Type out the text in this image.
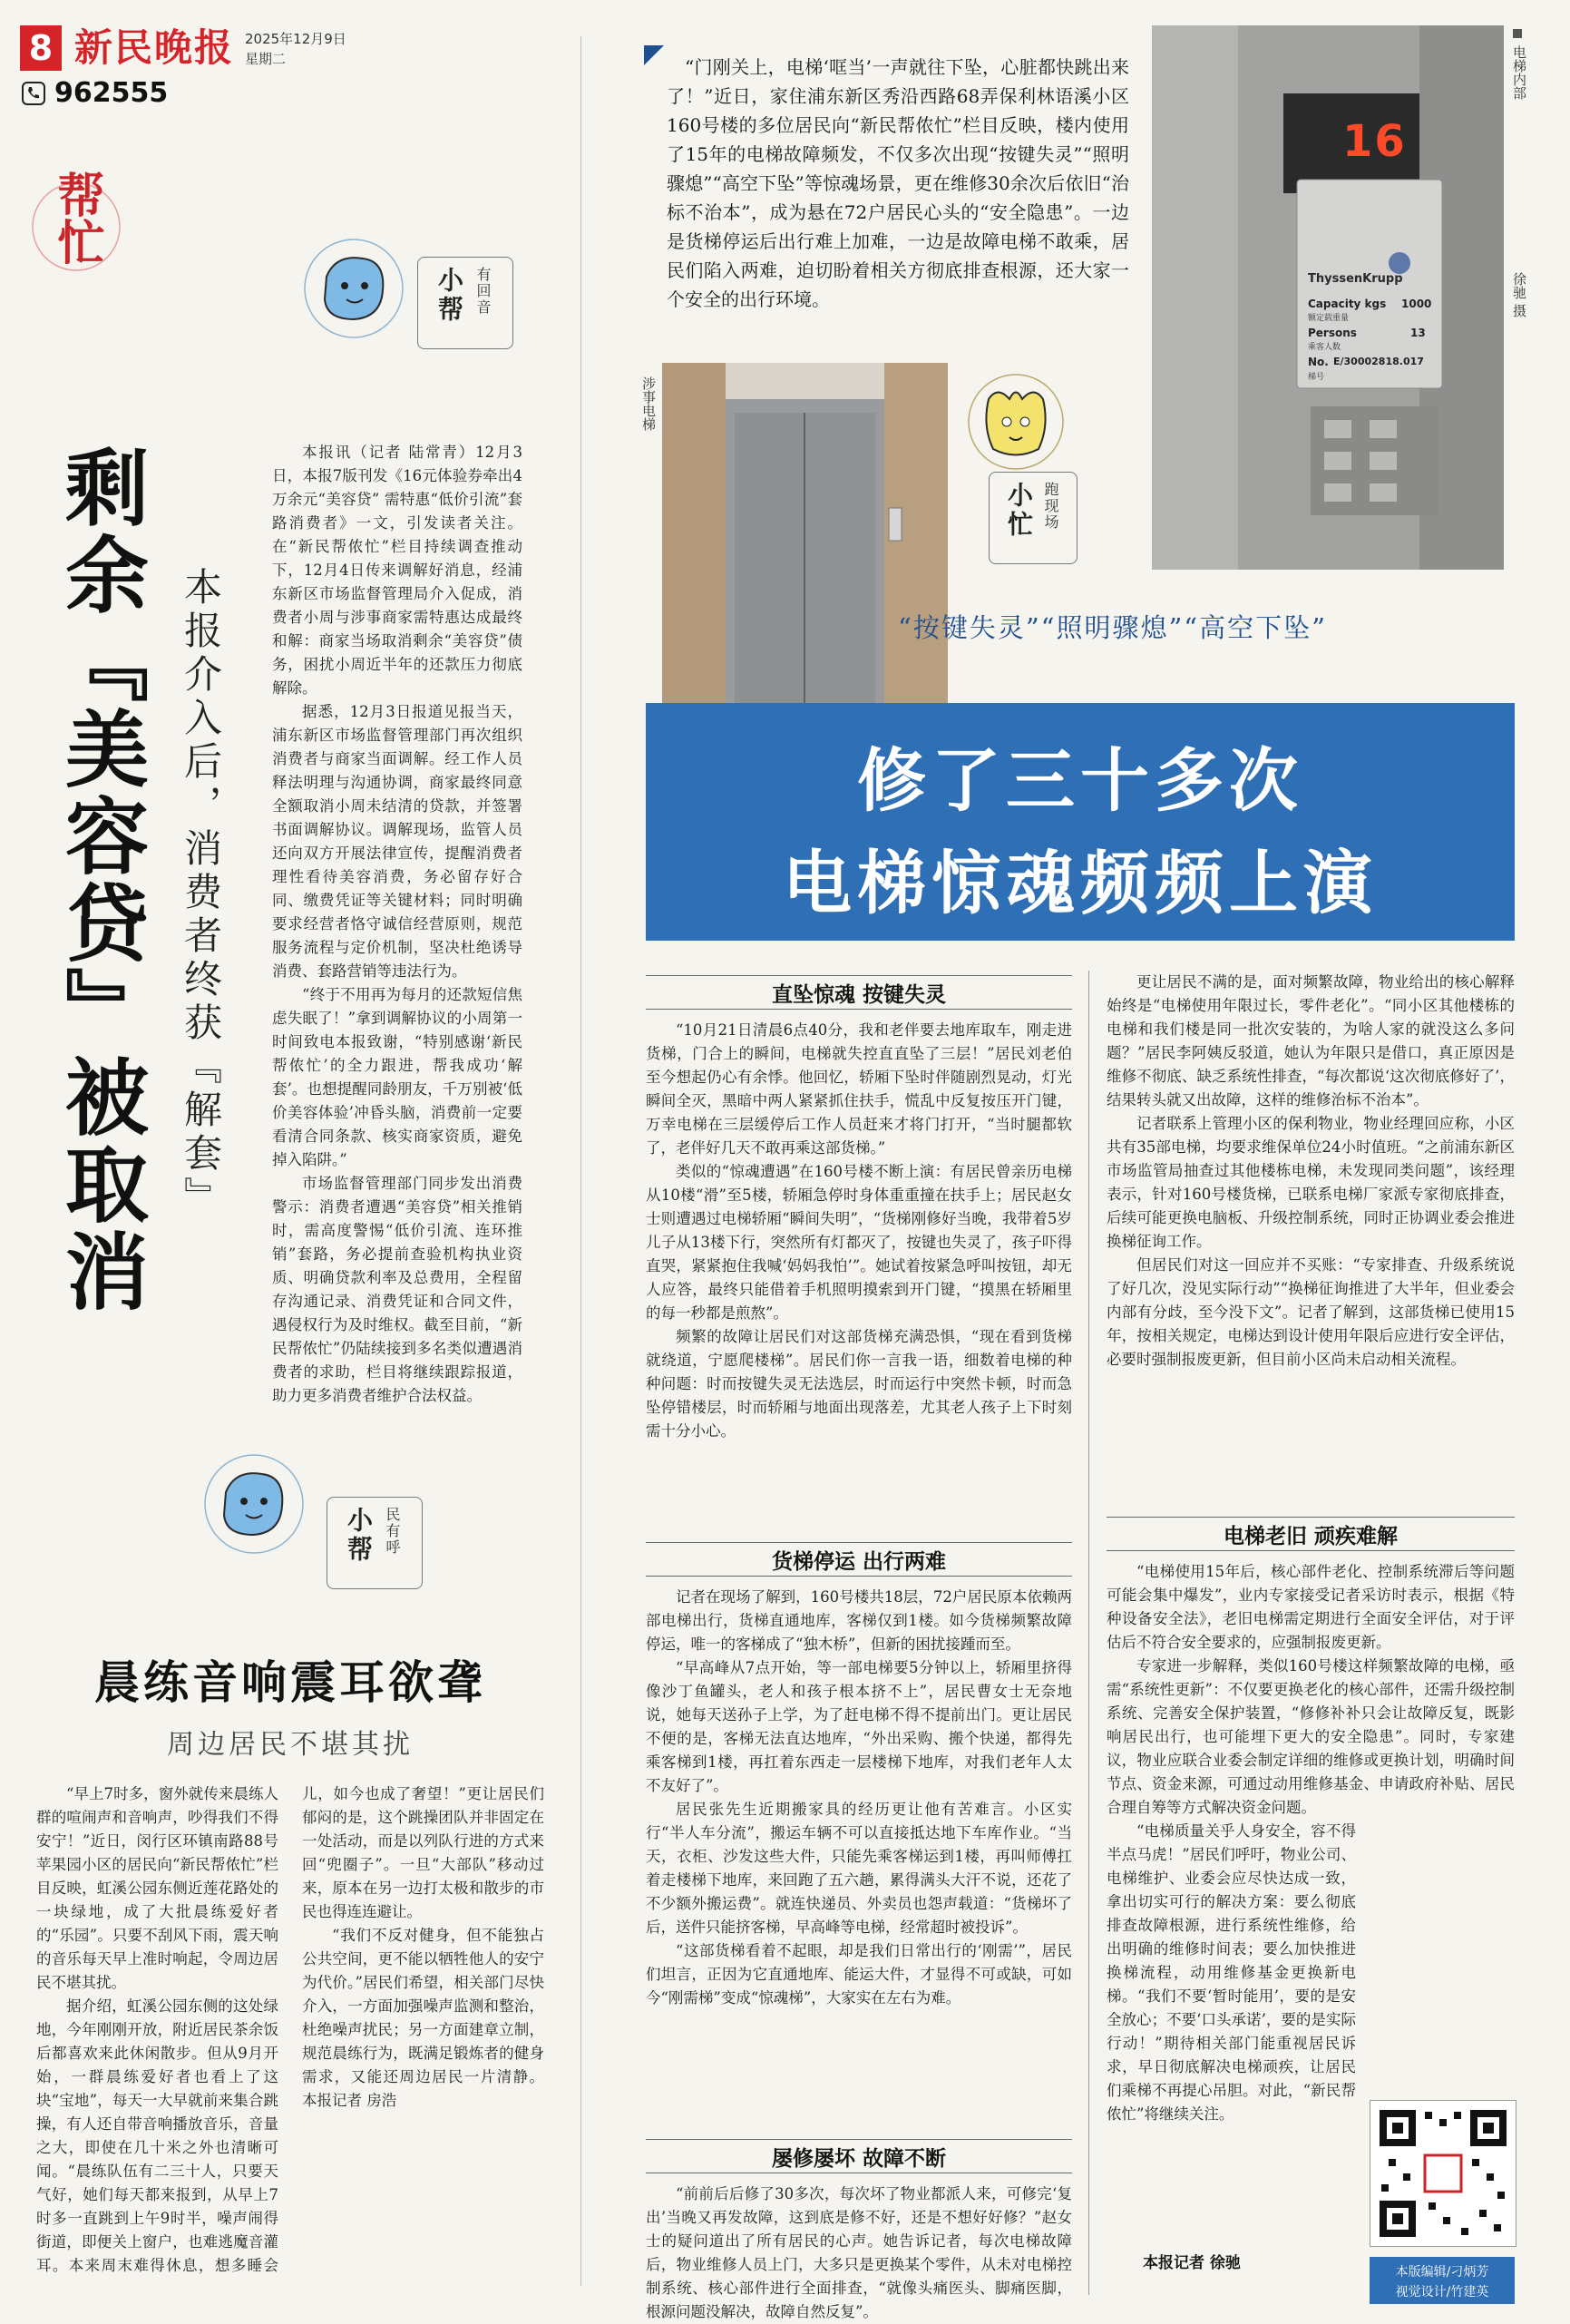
8 新民晚报 2025年12月9日
星期二
962555
帮忙
小帮 有回音
剩余『美容贷』被取消 本报介入后，消费者终获『解套』

本报讯（记者 陆常青）12月3日，本报7版刊发《16元体验券牵出4万余元“美容贷” 需特惠“低价引流”套路消费者》一文，引发读者关注。在“新民帮侬忙”栏目持续调查推动下，12月4日传来调解好消息，经浦东新区市场监督管理局介入促成，消费者小周与涉事商家需特惠达成最终和解：商家当场取消剩余“美容贷”债务，困扰小周近半年的还款压力彻底解除。

据悉，12月3日报道见报当天，浦东新区市场监督管理部门再次组织消费者与商家当面调解。经工作人员释法明理与沟通协调，商家最终同意全额取消小周未结清的贷款，并签署书面调解协议。调解现场，监管人员还向双方开展法律宣传，提醒消费者理性看待美容消费，务必留存好合同、缴费凭证等关键材料；同时明确要求经营者恪守诚信经营原则，规范服务流程与定价机制，坚决杜绝诱导消费、套路营销等违法行为。

“终于不用再为每月的还款短信焦虑失眠了！”拿到调解协议的小周第一时间致电本报致谢，“特别感谢‘新民帮侬忙’的全力跟进，帮我成功‘解套’。也想提醒同龄朋友，千万别被‘低价美容体验’冲昏头脑，消费前一定要看清合同条款、核实商家资质，避免掉入陷阱。”

市场监督管理部门同步发出消费警示：消费者遭遇“美容贷”相关推销时，需高度警惕“低价引流、连环推销”套路，务必提前查验机构执业资质、明确贷款利率及总费用，全程留存沟通记录、消费凭证和合同文件，遇侵权行为及时维权。截至目前，“新民帮侬忙”仍陆续接到多名类似遭遇消费者的求助，栏目将继续跟踪报道，助力更多消费者维护合法权益。

小帮 民有呼
晨练音响震耳欲聋
周边居民不堪其扰

“早上7时多，窗外就传来晨练人群的喧闹声和音响声，吵得我们不得安宁！”近日，闵行区环镇南路88号苹果园小区的居民向“新民帮侬忙”栏目反映，虹溪公园东侧近莲花路处的一块绿地，成了大批晨练爱好者的“乐园”。只要不刮风下雨，震天响的音乐每天早上准时响起，令周边居民不堪其扰。

据介绍，虹溪公园东侧的这处绿地，今年刚刚开放，附近居民茶余饭后都喜欢来此休闲散步。但从9月开始，一群晨练爱好者也看上了这块“宝地”，每天一大早就前来集合跳操，有人还自带音响播放音乐，音量之大，即使在几十米之外也清晰可闻。“晨练队伍有二三十人，只要天气好，她们每天都来报到，从早上7时多一直跳到上午9时半，噪声闹得街道，即便关上窗户，也难逃魔音灌耳。本来周末难得休息，想多睡会儿，如今也成了奢望！”更让居民们郁闷的是，这个跳操团队并非固定在一处活动，而是以列队行进的方式来回“兜圈子”。一旦“大部队”移动过来，原本在另一边打太极和散步的市民也得连连避让。

“我们不反对健身，但不能独占公共空间，更不能以牺牲他人的安宁为代价。”居民们希望，相关部门尽快介入，一方面加强噪声监测和整治，杜绝噪声扰民；另一方面建章立制，规范晨练行为，既满足锻炼者的健身需求，又能还周边居民一片清静。 本报记者 房浩

“门刚关上，电梯‘哐当’一声就往下坠，心脏都快跳出来了！”近日，家住浦东新区秀沿西路68弄保利林语溪小区160号楼的多位居民向“新民帮侬忙”栏目反映，楼内使用了15年的电梯故障频发，不仅多次出现“按键失灵”“照明骤熄”“高空下坠”等惊魂场景，更在维修30余次后依旧“治标不治本”，成为悬在72户居民心头的“安全隐患”。一边是货梯停运后出行难上加难，一边是故障电梯不敢乘，居民们陷入两难，迫切盼着相关方彻底排查根源，还大家一个安全的出行环境。

涉事电梯
16
ThyssenKrupp
Capacity kgs 1000
额定载重量
Persons	13
乘客人数
No. E/30002818.017
梯号
电梯内部
徐驰 摄
小忙 跑现场
“按键失灵”“照明骤熄”“高空下坠”
修了三十多次
电梯惊魂频频上演
直坠惊魂 按键失灵

“10月21日清晨6点40分，我和老伴要去地库取车，刚走进货梯，门合上的瞬间，电梯就失控直直坠了三层！”居民刘老伯至今想起仍心有余悸。他回忆，轿厢下坠时伴随剧烈晃动，灯光瞬间全灭，黑暗中两人紧紧抓住扶手，慌乱中反复按压开门键，万幸电梯在三层缓停后工作人员赶来才将门打开，“当时腿都软了，老伴好几天不敢再乘这部货梯。”

类似的“惊魂遭遇”在160号楼不断上演：有居民曾亲历电梯从10楼“滑”至5楼，轿厢急停时身体重重撞在扶手上；居民赵女士则遭遇过电梯轿厢“瞬间失明”，“货梯刚修好当晚，我带着5岁儿子从13楼下行，突然所有灯都灭了，按键也失灵了，孩子吓得直哭，紧紧抱住我喊‘妈妈我怕’”。她试着按紧急呼叫按钮，却无人应答，最终只能借着手机照明摸索到开门键，“摸黑在轿厢里的每一秒都是煎熬”。

频繁的故障让居民们对这部货梯充满恐惧，“现在看到货梯就绕道，宁愿爬楼梯”。居民们你一言我一语，细数着电梯的种种问题：时而按键失灵无法选层，时而运行中突然卡顿，时而急坠停错楼层，时而轿厢与地面出现落差，尤其老人孩子上下时刻需十分小心。

货梯停运 出行两难

记者在现场了解到，160号楼共18层，72户居民原本依赖两部电梯出行，货梯直通地库，客梯仅到1楼。如今货梯频繁故障停运，唯一的客梯成了“独木桥”，但新的困扰接踵而至。

“早高峰从7点开始，等一部电梯要5分钟以上，轿厢里挤得像沙丁鱼罐头，老人和孩子根本挤不上”，居民曹女士无奈地说，她每天送孙子上学，为了赶电梯不得不提前出门。更让居民不便的是，客梯无法直达地库，“外出采购、搬个快递，都得先乘客梯到1楼，再扛着东西走一层楼梯下地库，对我们老年人太不友好了”。

居民张先生近期搬家具的经历更让他有苦难言。小区实行“半人车分流”，搬运车辆不可以直接抵达地下车库作业。“当天，衣柜、沙发这些大件，只能先乘客梯运到1楼，再叫师傅扛着走楼梯下地库，来回跑了五六趟，累得满头大汗不说，还花了不少额外搬运费”。就连快递员、外卖员也怨声载道：“货梯坏了后，送件只能挤客梯，早高峰等电梯，经常超时被投诉”。

“这部货梯看着不起眼，却是我们日常出行的‘刚需’”，居民们坦言，正因为它直通地库、能运大件，才显得不可或缺，可如今“刚需梯”变成“惊魂梯”，大家实在左右为难。

屡修屡坏 故障不断

“前前后后修了30多次，每次坏了物业都派人来，可修完‘复出’当晚又再发故障，这到底是修不好，还是不想好好修？”赵女士的疑问道出了所有居民的心声。她告诉记者，每次电梯故障后，物业维修人员上门，大多只是更换某个零件，从未对电梯控制系统、核心部件进行全面排查，“就像头痛医头、脚痛医脚，根源问题没解决，故障自然反复”。

更让居民不满的是，面对频繁故障，物业给出的核心解释始终是“电梯使用年限过长，零件老化”。“同小区其他楼栋的电梯和我们楼是同一批次安装的，为啥人家的就没这么多问题？”居民李阿姨反驳道，她认为年限只是借口，真正原因是维修不彻底、缺乏系统性排查，“每次都说‘这次彻底修好了’，结果转头就又出故障，这样的维修治标不治本”。

记者联系上管理小区的保利物业，物业经理回应称，小区共有35部电梯，均要求维保单位24小时值班。“之前浦东新区市场监管局抽查过其他楼栋电梯，未发现同类问题”，该经理表示，针对160号楼货梯，已联系电梯厂家派专家彻底排查，后续可能更换电脑板、升级控制系统，同时正协调业委会推进换梯征询工作。

但居民们对这一回应并不买账：“专家排查、升级系统说了好几次，没见实际行动”“换梯征询推进了大半年，但业委会内部有分歧，至今没下文”。记者了解到，这部货梯已使用15年，按相关规定，电梯达到设计使用年限后应进行安全评估，必要时强制报废更新，但目前小区尚未启动相关流程。

电梯老旧 顽疾难解

“电梯使用15年后，核心部件老化、控制系统滞后等问题可能会集中爆发”，业内专家接受记者采访时表示，根据《特种设备安全法》，老旧电梯需定期进行全面安全评估，对于评估后不符合安全要求的，应强制报废更新。

专家进一步解释，类似160号楼这样频繁故障的电梯，亟需“系统性更新”：不仅要更换老化的核心部件，还需升级控制系统、完善安全保护装置，“修修补补只会让故障反复，既影响居民出行，也可能埋下更大的安全隐患”。同时，专家建议，物业应联合业委会制定详细的维修或更换计划，明确时间节点、资金来源，可通过动用维修基金、申请政府补贴、居民合理自筹等方式解决资金问题。

“电梯质量关乎人身安全，容不得半点马虎！”居民们呼吁，物业公司、电梯维护、业委会应尽快达成一致，拿出切实可行的解决方案：要么彻底排查故障根源，进行系统性维修，给出明确的维修时间表；要么加快推进换梯流程，动用维修基金更换新电梯。“我们不要‘暂时能用’，要的是安全放心；不要‘口头承诺’，要的是实际行动！”期待相关部门能重视居民诉求，早日彻底解决电梯顽疾，让居民们乘梯不再提心吊胆。对此，“新民帮侬忙”将继续关注。

本报记者 徐驰	本版编辑/刁炳芳
视觉设计/竹建英
